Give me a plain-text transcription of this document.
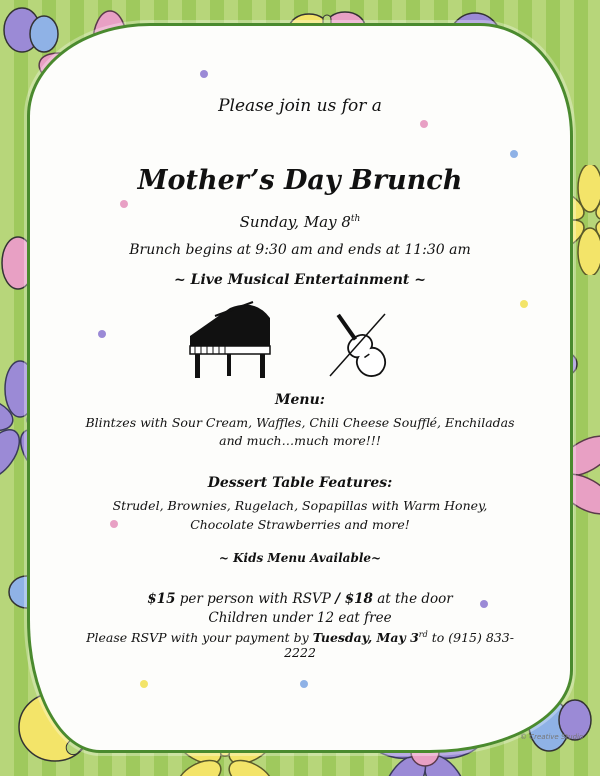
Please join us for a
Mother’s Day Brunch
Sunday, May 8th
Brunch begins at 9:30 am and ends at 11:30 am
~ Live Musical Entertainment ~
Menu:
Blintzes with Sour Cream, Waffles, Chili Cheese Soufflé, Enchiladas
and much…much more!!!
Dessert Table Features:
Strudel, Brownies, Rugelach, Sopapillas with Warm Honey,
Chocolate Strawberries and more!
~ Kids Menu Available~
$15 per person with RSVP / $18 at the door
Children under 12 eat free
Please RSVP with your payment by Tuesday, May 3rd to (915) 833-2222
© Creative Studio
